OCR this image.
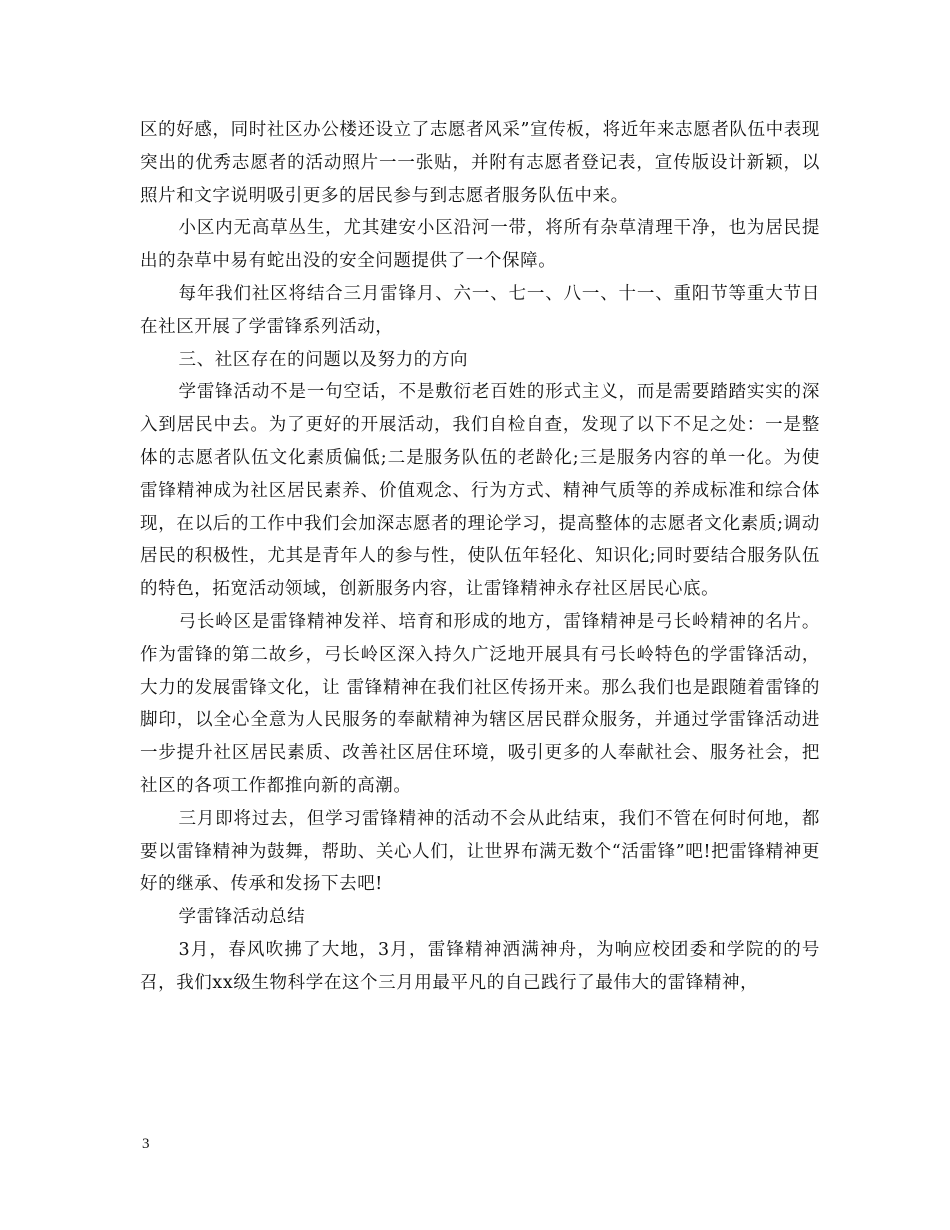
区的好感，同时社区办公楼还设立了志愿者风采”宣传板，将近年来志愿者队伍中表现突出的优秀志愿者的活动照片一一张贴，并附有志愿者登记表，宣传版设计新颖，以照片和文字说明吸引更多的居民参与到志愿者服务队伍中来。

小区内无高草丛生，尤其建安小区沿河一带，将所有杂草清理干净，也为居民提出的杂草中易有蛇出没的安全问题提供了一个保障。

每年我们社区将结合三月雷锋月、六一、七一、八一、十一、重阳节等重大节日在社区开展了学雷锋系列活动，

三、社区存在的问题以及努力的方向

学雷锋活动不是一句空话，不是敷衍老百姓的形式主义，而是需要踏踏实实的深入到居民中去。为了更好的开展活动，我们自检自查，发现了以下不足之处：一是整体的志愿者队伍文化素质偏低;二是服务队伍的老龄化;三是服务内容的单一化。为使雷锋精神成为社区居民素养、价值观念、行为方式、精神气质等的养成标准和综合体现，在以后的工作中我们会加深志愿者的理论学习，提高整体的志愿者文化素质;调动居民的积极性，尤其是青年人的参与性，使队伍年轻化、知识化;同时要结合服务队伍的特色，拓宽活动领域，创新服务内容，让雷锋精神永存社区居民心底。

弓长岭区是雷锋精神发祥、培育和形成的地方，雷锋精神是弓长岭精神的名片。作为雷锋的第二故乡，弓长岭区深入持久广泛地开展具有弓长岭特色的学雷锋活动，大力的发展雷锋文化，让 雷锋精神在我们社区传扬开来。那么我们也是跟随着雷锋的脚印，以全心全意为人民服务的奉献精神为辖区居民群众服务，并通过学雷锋活动进一步提升社区居民素质、改善社区居住环境，吸引更多的人奉献社会、服务社会，把社区的各项工作都推向新的高潮。

三月即将过去，但学习雷锋精神的活动不会从此结束，我们不管在何时何地，都要以雷锋精神为鼓舞，帮助、关心人们，让世界布满无数个“活雷锋”吧!把雷锋精神更好的继承、传承和发扬下去吧!

学雷锋活动总结

3月，春风吹拂了大地，3月，雷锋精神洒满神舟，为响应校团委和学院的的号召，我们xx级生物科学在这个三月用最平凡的自己践行了最伟大的雷锋精神，

3
